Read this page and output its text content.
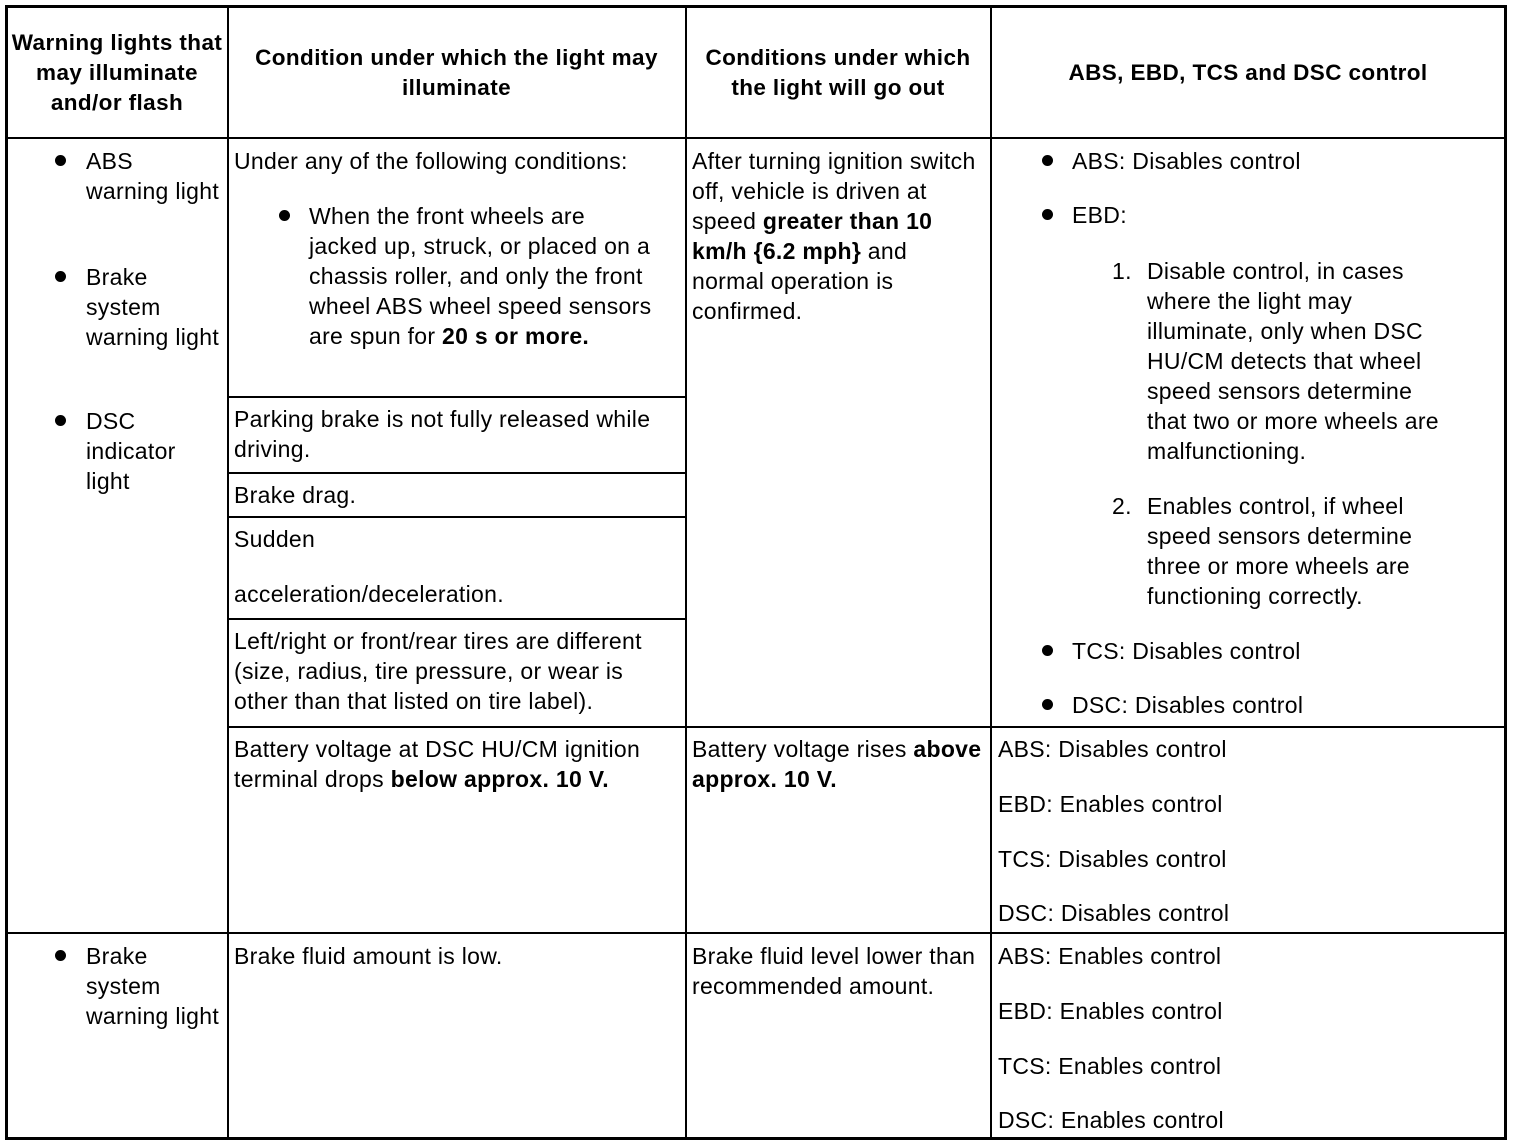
Warning lights that may illuminate and/or flash
Condition under which the light may illuminate
Conditions under which the light will go out
ABS, EBD, TCS and DSC control
ABS warning light
Brake system warning light
DSC indicator light
Under any of the following conditions:
When the front wheels are jacked up, struck, or placed on a chassis roller, and only the front wheel ABS wheel speed sensors are spun for 20 s or more.
Parking brake is not fully released while driving.
Brake drag.
Sudden
acceleration/deceleration.
Left/right or front/rear tires are different (size, radius, tire pressure, or wear is other than that listed on tire label).
After turning ignition switch off, vehicle is driven at speed greater than 10 km/h {6.2 mph} and normal operation is confirmed.
ABS: Disables control
EBD:
1. Disable control, in cases where the light may illuminate, only when DSC HU/CM detects that wheel speed sensors determine that two or more wheels are malfunctioning.
2. Enables control, if wheel speed sensors determine three or more wheels are functioning correctly.
TCS: Disables control
DSC: Disables control
Battery voltage at DSC HU/CM ignition terminal drops below approx. 10 V.
Battery voltage rises above approx. 10 V.
ABS: Disables control
EBD: Enables control
TCS: Disables control
DSC: Disables control
Brake system warning light
Brake fluid amount is low.	Brake fluid level lower than recommended amount.
ABS: Enables control
EBD: Enables control
TCS: Enables control
DSC: Enables control
